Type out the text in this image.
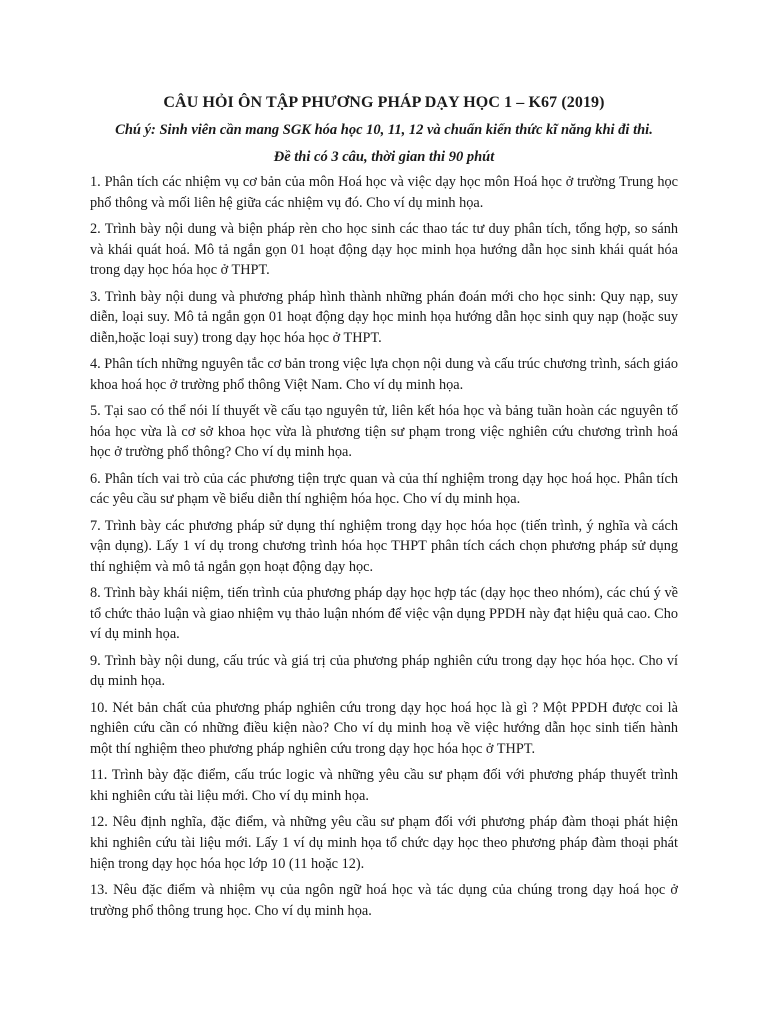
CÂU HỎI ÔN TẬP PHƯƠNG PHÁP DẠY HỌC 1 – K67 (2019)
Chú ý: Sinh viên cần mang SGK hóa học 10, 11, 12 và chuẩn kiến thức kĩ năng khi đi thi.
Đề thi có 3 câu, thời gian thi 90 phút
1. Phân tích các nhiệm vụ cơ bản của môn Hoá học và việc dạy học môn Hoá học ở trường Trung học phổ thông và mối liên hệ giữa các nhiệm vụ đó. Cho ví dụ minh họa.
2. Trình bày nội dung và biện pháp rèn cho học sinh các thao tác tư duy phân tích, tổng hợp, so sánh và khái quát hoá. Mô tả ngắn gọn 01 hoạt động dạy học minh họa hướng dẫn học sinh khái quát hóa trong dạy học hóa học ở THPT.
3. Trình bày nội dung và phương pháp hình thành những phán đoán mới cho học sinh: Quy nạp, suy diễn, loại suy. Mô tả ngắn gọn 01 hoạt động dạy học minh họa hướng dẫn học sinh quy nạp (hoặc suy diễn,hoặc loại suy) trong dạy học hóa học ở THPT.
4. Phân tích những nguyên tắc cơ bản trong việc lựa chọn nội dung và cấu trúc chương trình, sách giáo khoa hoá học ở trường phổ thông Việt Nam. Cho ví dụ minh họa.
5. Tại sao có thể nói lí thuyết về cấu tạo nguyên tử, liên kết hóa học và bảng tuần hoàn các nguyên tố hóa học vừa là cơ sở khoa học vừa là phương tiện sư phạm trong việc nghiên cứu chương trình hoá học ở trường phổ thông? Cho ví dụ minh họa.
6. Phân tích vai trò của các phương tiện trực quan và của thí nghiệm trong dạy học hoá học. Phân tích các yêu cầu sư phạm về biểu diễn thí nghiệm hóa học. Cho ví dụ minh họa.
7. Trình bày các phương pháp sử dụng thí nghiệm trong dạy học hóa học (tiến trình, ý nghĩa và cách vận dụng). Lấy 1 ví dụ trong chương trình hóa học THPT phân tích cách chọn phương pháp sử dụng thí nghiệm và mô tả ngắn gọn hoạt động dạy học.
8. Trình bày khái niệm, tiến trình của phương pháp dạy học hợp tác (dạy học theo nhóm), các chú ý về tổ chức thảo luận và giao nhiệm vụ thảo luận nhóm để việc vận dụng PPDH này đạt hiệu quả cao. Cho ví dụ minh họa.
9. Trình bày nội dung, cấu trúc và giá trị của phương pháp nghiên cứu trong dạy học hóa học. Cho ví dụ minh họa.
10. Nét bản chất của phương pháp nghiên cứu trong dạy học hoá học là gì ? Một PPDH được coi là nghiên cứu cần có những điều kiện nào? Cho ví dụ minh hoạ về việc hướng dẫn học sinh tiến hành một thí nghiệm theo phương pháp nghiên cứu trong dạy học hóa học ở THPT.
11. Trình bày đặc điểm, cấu trúc logic và những yêu cầu sư phạm đối với phương pháp thuyết trình khi nghiên cứu tài liệu mới. Cho ví dụ minh họa.
12. Nêu định nghĩa, đặc điểm, và những yêu cầu sư phạm đối với phương pháp đàm thoại phát hiện khi nghiên cứu tài liệu mới. Lấy 1 ví dụ minh họa tổ chức dạy học theo phương pháp đàm thoại phát hiện trong dạy học hóa học lớp 10 (11 hoặc 12).
13. Nêu đặc điểm và nhiệm vụ của ngôn ngữ hoá học và tác dụng của chúng trong dạy hoá học ở trường phổ thông trung học. Cho ví dụ minh họa.
